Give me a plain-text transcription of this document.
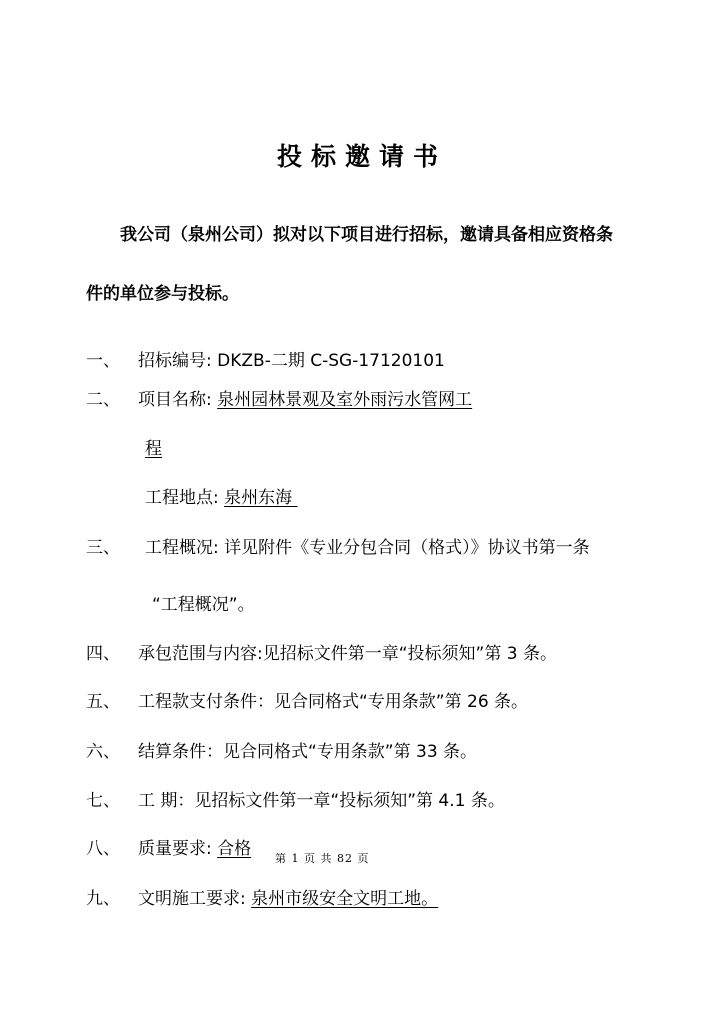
投标邀请书
我公司（泉州公司）拟对以下项目进行招标，邀请具备相应资格条
件的单位参与投标。
一、 招标编号: DKZB-二期 C-SG-17120101
二、 项目名称: 泉州园林景观及室外雨污水管网工
程
工程地点: 泉州东海
三、 工程概况: 详见附件《专业分包合同（格式）》协议书第一条
“工程概况”。
四、 承包范围与内容:见招标文件第一章“投标须知”第 3 条。
五、 工程款支付条件：见合同格式“专用条款”第 26 条。
六、 结算条件：见合同格式“专用条款”第 33 条。
七、 工 期：见招标文件第一章“投标须知”第 4.1 条。
八、 质量要求: 合格 第 1 页 共 82 页
九、 文明施工要求: 泉州市级安全文明工地。
